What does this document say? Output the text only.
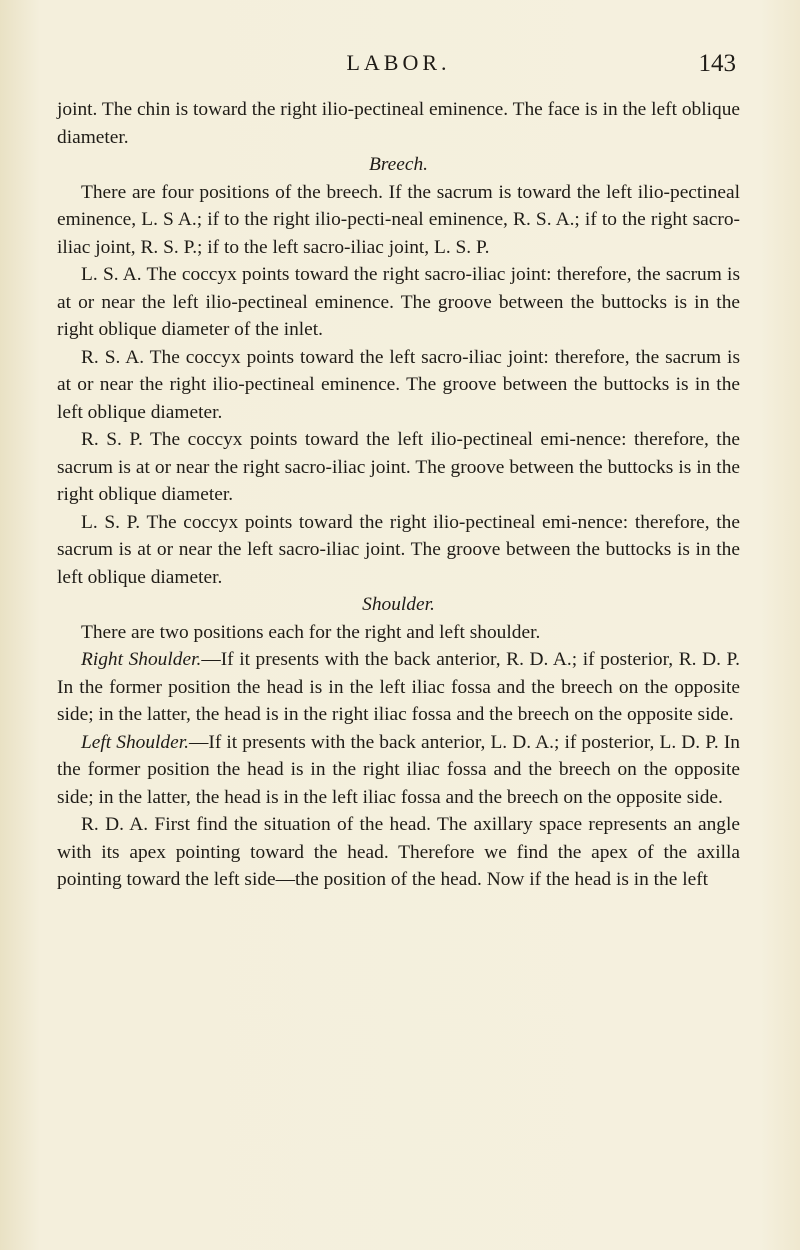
LABOR.	143

joint. The chin is toward the right ilio-pectineal eminence. The face is in the left oblique diameter.

Breech.

There are four positions of the breech. If the sacrum is toward the left ilio-pectineal eminence, L. S A.; if to the right ilio-pecti-neal eminence, R. S. A.; if to the right sacro-iliac joint, R. S. P.; if to the left sacro-iliac joint, L. S. P.

L. S. A. The coccyx points toward the right sacro-iliac joint: therefore, the sacrum is at or near the left ilio-pectineal eminence. The groove between the buttocks is in the right oblique diameter of the inlet.

R. S. A. The coccyx points toward the left sacro-iliac joint: therefore, the sacrum is at or near the right ilio-pectineal eminence. The groove between the buttocks is in the left oblique diameter.

R. S. P. The coccyx points toward the left ilio-pectineal emi-nence: therefore, the sacrum is at or near the right sacro-iliac joint. The groove between the buttocks is in the right oblique diameter.

L. S. P. The coccyx points toward the right ilio-pectineal emi-nence: therefore, the sacrum is at or near the left sacro-iliac joint. The groove between the buttocks is in the left oblique diameter.

Shoulder.

There are two positions each for the right and left shoulder.

Right Shoulder.—If it presents with the back anterior, R. D. A.; if posterior, R. D. P. In the former position the head is in the left iliac fossa and the breech on the opposite side; in the latter, the head is in the right iliac fossa and the breech on the opposite side.

Left Shoulder.—If it presents with the back anterior, L. D. A.; if posterior, L. D. P. In the former position the head is in the right iliac fossa and the breech on the opposite side; in the latter, the head is in the left iliac fossa and the breech on the opposite side.

R. D. A. First find the situation of the head. The axillary space represents an angle with its apex pointing toward the head. Therefore we find the apex of the axilla pointing toward the left side—the position of the head. Now if the head is in the left
